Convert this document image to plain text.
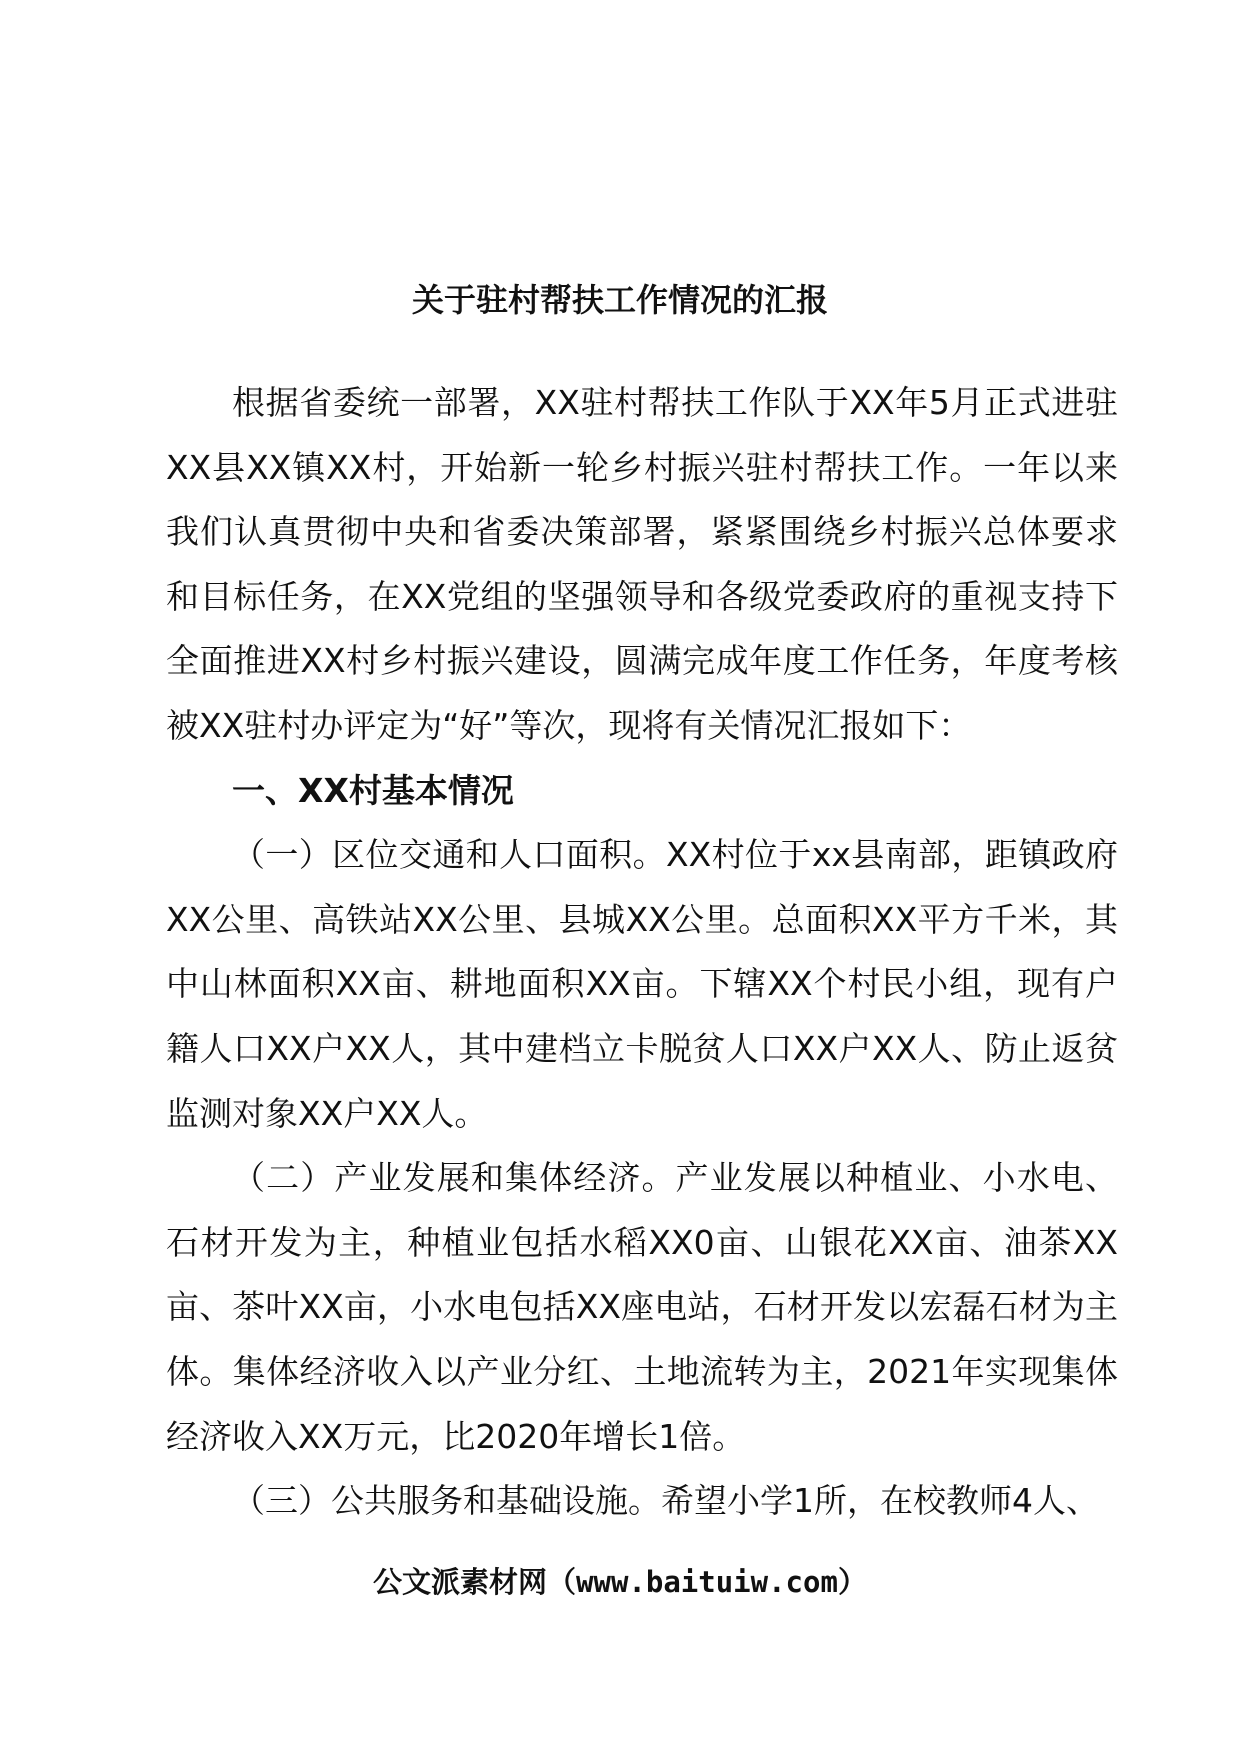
关于驻村帮扶工作情况的汇报

根据省委统一部署，XX驻村帮扶工作队于XX年5月正式进驻XX县XX镇XX村，开始新一轮乡村振兴驻村帮扶工作。一年以来我们认真贯彻中央和省委决策部署，紧紧围绕乡村振兴总体要求和目标任务，在XX党组的坚强领导和各级党委政府的重视支持下全面推进XX村乡村振兴建设，圆满完成年度工作任务，年度考核被XX驻村办评定为“好”等次，现将有关情况汇报如下：

一、XX村基本情况

（一）区位交通和人口面积。XX村位于xx县南部，距镇政府XX公里、高铁站XX公里、县城XX公里。总面积XX平方千米，其中山林面积XX亩、耕地面积XX亩。下辖XX个村民小组，现有户籍人口XX户XX人，其中建档立卡脱贫人口XX户XX人、防止返贫监测对象XX户XX人。

（二）产业发展和集体经济。产业发展以种植业、小水电、石材开发为主，种植业包括水稻XX0亩、山银花XX亩、油茶XX亩、茶叶XX亩，小水电包括XX座电站，石材开发以宏磊石材为主体。集体经济收入以产业分红、土地流转为主，2021年实现集体经济收入XX万元，比2020年增长1倍。

（三）公共服务和基础设施。希望小学1所，在校教师4人、

公文派素材网（www.baituiw.com）
